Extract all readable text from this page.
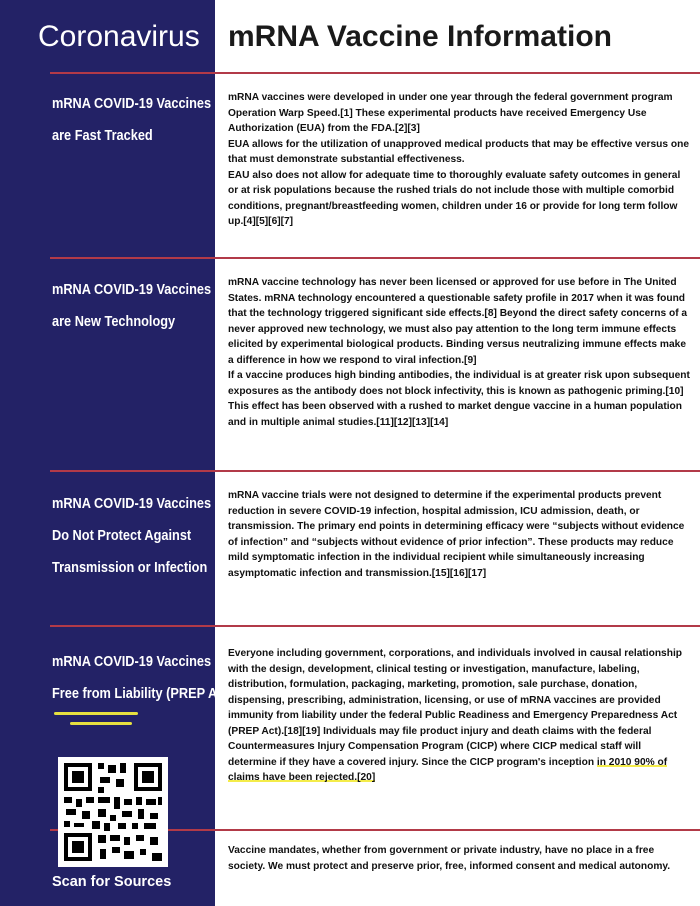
Coronavirus mRNA Vaccine Information
mRNA COVID-19 Vaccines
are Fast Tracked

mRNA vaccines were developed in under one year through the federal government program Operation Warp Speed.[1] These experimental products have received Emergency Use Authorization (EUA) from the FDA.[2][3]

EUA allows for the utilization of unapproved medical products that may be effective versus one that must demonstrate substantial effectiveness.

EAU also does not allow for adequate time to thoroughly evaluate safety outcomes in general or at risk populations because the rushed trials do not include those with multiple comorbid conditions, pregnant/breastfeeding women, children under 16 or provide for long term follow up.[4][5][6][7]

mRNA COVID-19 Vaccines
are New Technology

mRNA vaccine technology has never been licensed or approved for use before in The United States. mRNA technology encountered a questionable safety profile in 2017 when it was found that the technology triggered significant side effects.[8] Beyond the direct safety concerns of a never approved new technology, we must also pay attention to the long term immune effects elicited by experimental biological products. Binding versus neutralizing immune effects make a difference in how we respond to viral infection.[9]

If a vaccine produces high binding antibodies, the individual is at greater risk upon subsequent exposures as the antibody does not block infectivity, this is known as pathogenic priming.[10] This effect has been observed with a rushed to market dengue vaccine in a human population and in multiple animal studies.[11][12][13][14]

mRNA COVID-19 Vaccines
Do Not Protect Against
Transmission or Infection

mRNA vaccine trials were not designed to determine if the experimental products prevent reduction in severe COVID-19 infection, hospital admission, ICU admission, death, or transmission. The primary end points in determining efficacy were “subjects without evidence of infection” and “subjects without evidence of prior infection”. These products may reduce mild symptomatic infection in the individual recipient while simultaneously increasing asymptomatic infection and transmission.[15][16][17]

mRNA COVID-19 Vaccines are
Free from Liability (PREP Act)

Everyone including government, corporations, and individuals involved in causal relationship with the design, development, clinical testing or investigation, manufacture, labeling, distribution, formulation, packaging, marketing, promotion, sale purchase, donation, dispensing, prescribing, administration, licensing, or use of mRNA vaccines are provided immunity from liability under the federal Public Readiness and Emergency Preparedness Act (PREP Act).[18][19] Individuals may file product injury and death claims with the federal Countermeasures Injury Compensation Program (CICP) where CICP medical staff will determine if they have a covered injury. Since the CICP program's inception in 2010 90% of claims have been rejected.[20]

Vaccine mandates, whether from government or private industry, have no place in a free society. We must protect and preserve prior, free, informed consent and medical autonomy.
Scan for Sources
